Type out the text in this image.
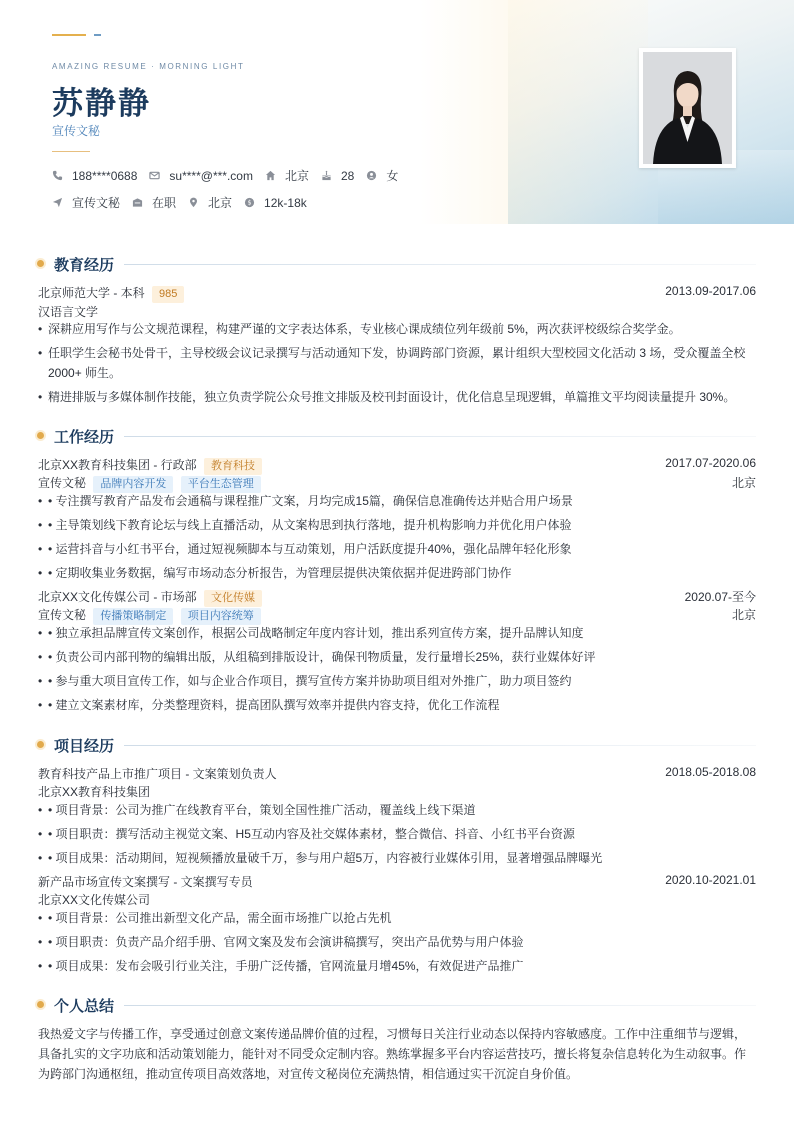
AMAZING RESUME · MORNING LIGHT
苏静静
宣传文秘
188****0688	su****@***.com	北京	28	女
宣传文秘	在职	北京 $ 12k-18k
教育经历
北京师范大学 - 本科 985	2013.09-2017.06
汉语言文学
• 深耕应用写作与公文规范课程，构建严谨的文字表达体系，专业核心课成绩位列年级前 5%，两次获评校级综合奖学金。
• 任职学生会秘书处骨干，主导校级会议记录撰写与活动通知下发，协调跨部门资源，累计组织大型校园文化活动 3 场，受众覆盖全校 2000+ 师生。
• 精进排版与多媒体制作技能，独立负责学院公众号推文排版及校刊封面设计，优化信息呈现逻辑，单篇推文平均阅读量提升 30%。
工作经历
北京XX教育科技集团 - 行政部 教育科技	2017.07-2020.06
宣传文秘 品牌内容开发 平台生态管理	北京
• • 专注撰写教育产品发布会通稿与课程推广文案，月均完成15篇，确保信息准确传达并贴合用户场景
• • 主导策划线下教育论坛与线上直播活动，从文案构思到执行落地，提升机构影响力并优化用户体验
• • 运营抖音与小红书平台，通过短视频脚本与互动策划，用户活跃度提升40%，强化品牌年轻化形象
• • 定期收集业务数据，编写市场动态分析报告，为管理层提供决策依据并促进跨部门协作
北京XX文化传媒公司 - 市场部 文化传媒	2020.07-至今
宣传文秘 传播策略制定 项目内容统筹	北京
• • 独立承担品牌宣传文案创作，根据公司战略制定年度内容计划，推出系列宣传方案，提升品牌认知度
• • 负责公司内部刊物的编辑出版，从组稿到排版设计，确保刊物质量，发行量增长25%，获行业媒体好评
• • 参与重大项目宣传工作，如与企业合作项目，撰写宣传方案并协助项目组对外推广，助力项目签约
• • 建立文案素材库，分类整理资料，提高团队撰写效率并提供内容支持，优化工作流程
项目经历
教育科技产品上市推广项目 - 文案策划负责人	2018.05-2018.08
北京XX教育科技集团
• • 项目背景：公司为推广在线教育平台，策划全国性推广活动，覆盖线上线下渠道
• • 项目职责：撰写活动主视觉文案、H5互动内容及社交媒体素材，整合微信、抖音、小红书平台资源
• • 项目成果：活动期间，短视频播放量破千万，参与用户超5万，内容被行业媒体引用，显著增强品牌曝光
新产品市场宣传文案撰写 - 文案撰写专员	2020.10-2021.01
北京XX文化传媒公司
• • 项目背景：公司推出新型文化产品，需全面市场推广以抢占先机
• • 项目职责：负责产品介绍手册、官网文案及发布会演讲稿撰写，突出产品优势与用户体验
• • 项目成果：发布会吸引行业关注，手册广泛传播，官网流量月增45%，有效促进产品推广
个人总结
我热爱文字与传播工作，享受通过创意文案传递品牌价值的过程，习惯每日关注行业动态以保持内容敏感度。工作中注重细节与逻辑，具备扎实的文字功底和活动策划能力，能针对不同受众定制内容。熟练掌握多平台内容运营技巧，擅长将复杂信息转化为生动叙事。作为跨部门沟通枢纽，推动宣传项目高效落地，对宣传文秘岗位充满热情，相信通过实干沉淀自身价值。
